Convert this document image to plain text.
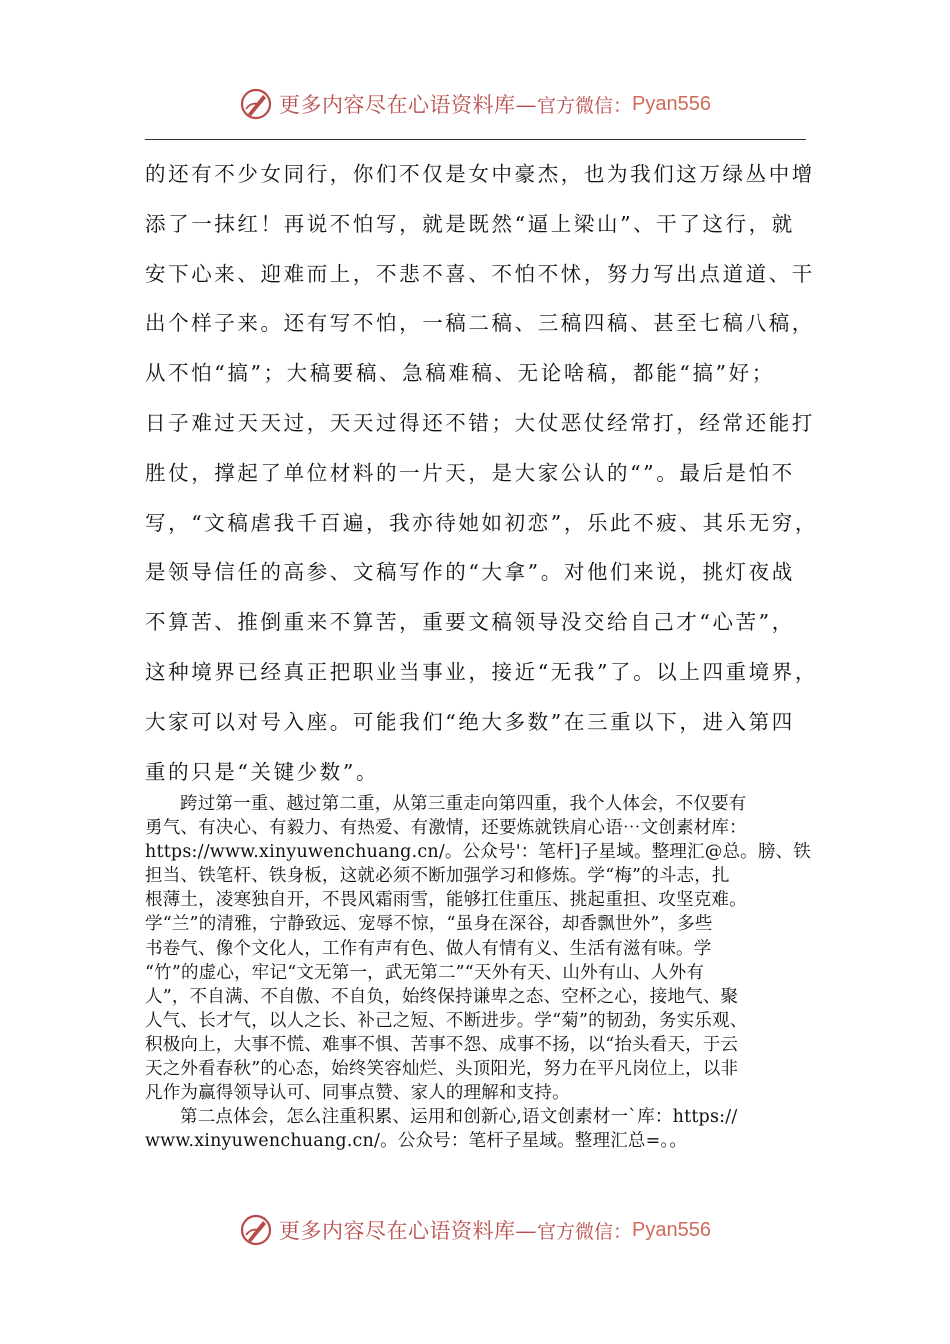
更多内容尽在心语资料库— 官方微信： Pyan556
的还有不少女同行，你们不仅是女中豪杰，也为我们这万绿丛中增
添了一抹红！再说不怕写，就是既然“逼上梁山”、干了这行，就
安下心来、迎难而上，不悲不喜、不怕不怵，努力写出点道道、干
出个样子来。还有写不怕，一稿二稿、三稿四稿、甚至七稿八稿，
从不怕“搞”；大稿要稿、急稿难稿、无论啥稿，都能“搞”好；
日子难过天天过，天天过得还不错；大仗恶仗经常打，经常还能打
胜仗，撑起了单位材料的一片天，是大家公认的“”。最后是怕不
写，“文稿虐我千百遍，我亦待她如初恋”，乐此不疲、其乐无穷，
是领导信任的高参、文稿写作的“大拿”。对他们来说，挑灯夜战
不算苦、推倒重来不算苦，重要文稿领导没交给自己才“心苦”，
这种境界已经真正把职业当事业，接近“无我”了。以上四重境界，
大家可以对号入座。可能我们“绝大多数”在三重以下，进入第四
重的只是“关键少数”。
跨过第一重、越过第二重，从第三重走向第四重，我个人体会，不仅要有
勇气、有决心、有毅力、有热爱、有激情，还要炼就铁肩心语⋯文创素材库：
https://www.xinyuwenchuang.cn/。公众号'：笔杆]子星域。整理汇@总。膀、铁
担当、铁笔杆、铁身板，这就必须不断加强学习和修炼。学“梅”的斗志，扎
根薄土，凌寒独自开，不畏风霜雨雪，能够扛住重压、挑起重担、攻坚克难。
学“兰”的清雅，宁静致远、宠辱不惊，“虽身在深谷，却香飘世外”，多些
书卷气、像个文化人，工作有声有色、做人有情有义、生活有滋有味。学
“竹”的虚心，牢记“文无第一，武无第二”“天外有天、山外有山、人外有
人”，不自满、不自傲、不自负，始终保持谦卑之态、空杯之心，接地气、聚
人气、长才气，以人之长、补己之短、不断进步。学“菊”的韧劲，务实乐观、
积极向上，大事不慌、难事不惧、苦事不怨、成事不扬，以“抬头看天，于云
天之外看春秋”的心态，始终笑容灿烂、头顶阳光，努力在平凡岗位上，以非
凡作为赢得领导认可、同事点赞、家人的理解和支持。
第二点体会，怎么注重积累、运用和创新心,语文创素材一`库：https://
www.xinyuwenchuang.cn/。公众号：笔杆子星域。整理汇总=。。
更多内容尽在心语资料库— 官方微信： Pyan556
